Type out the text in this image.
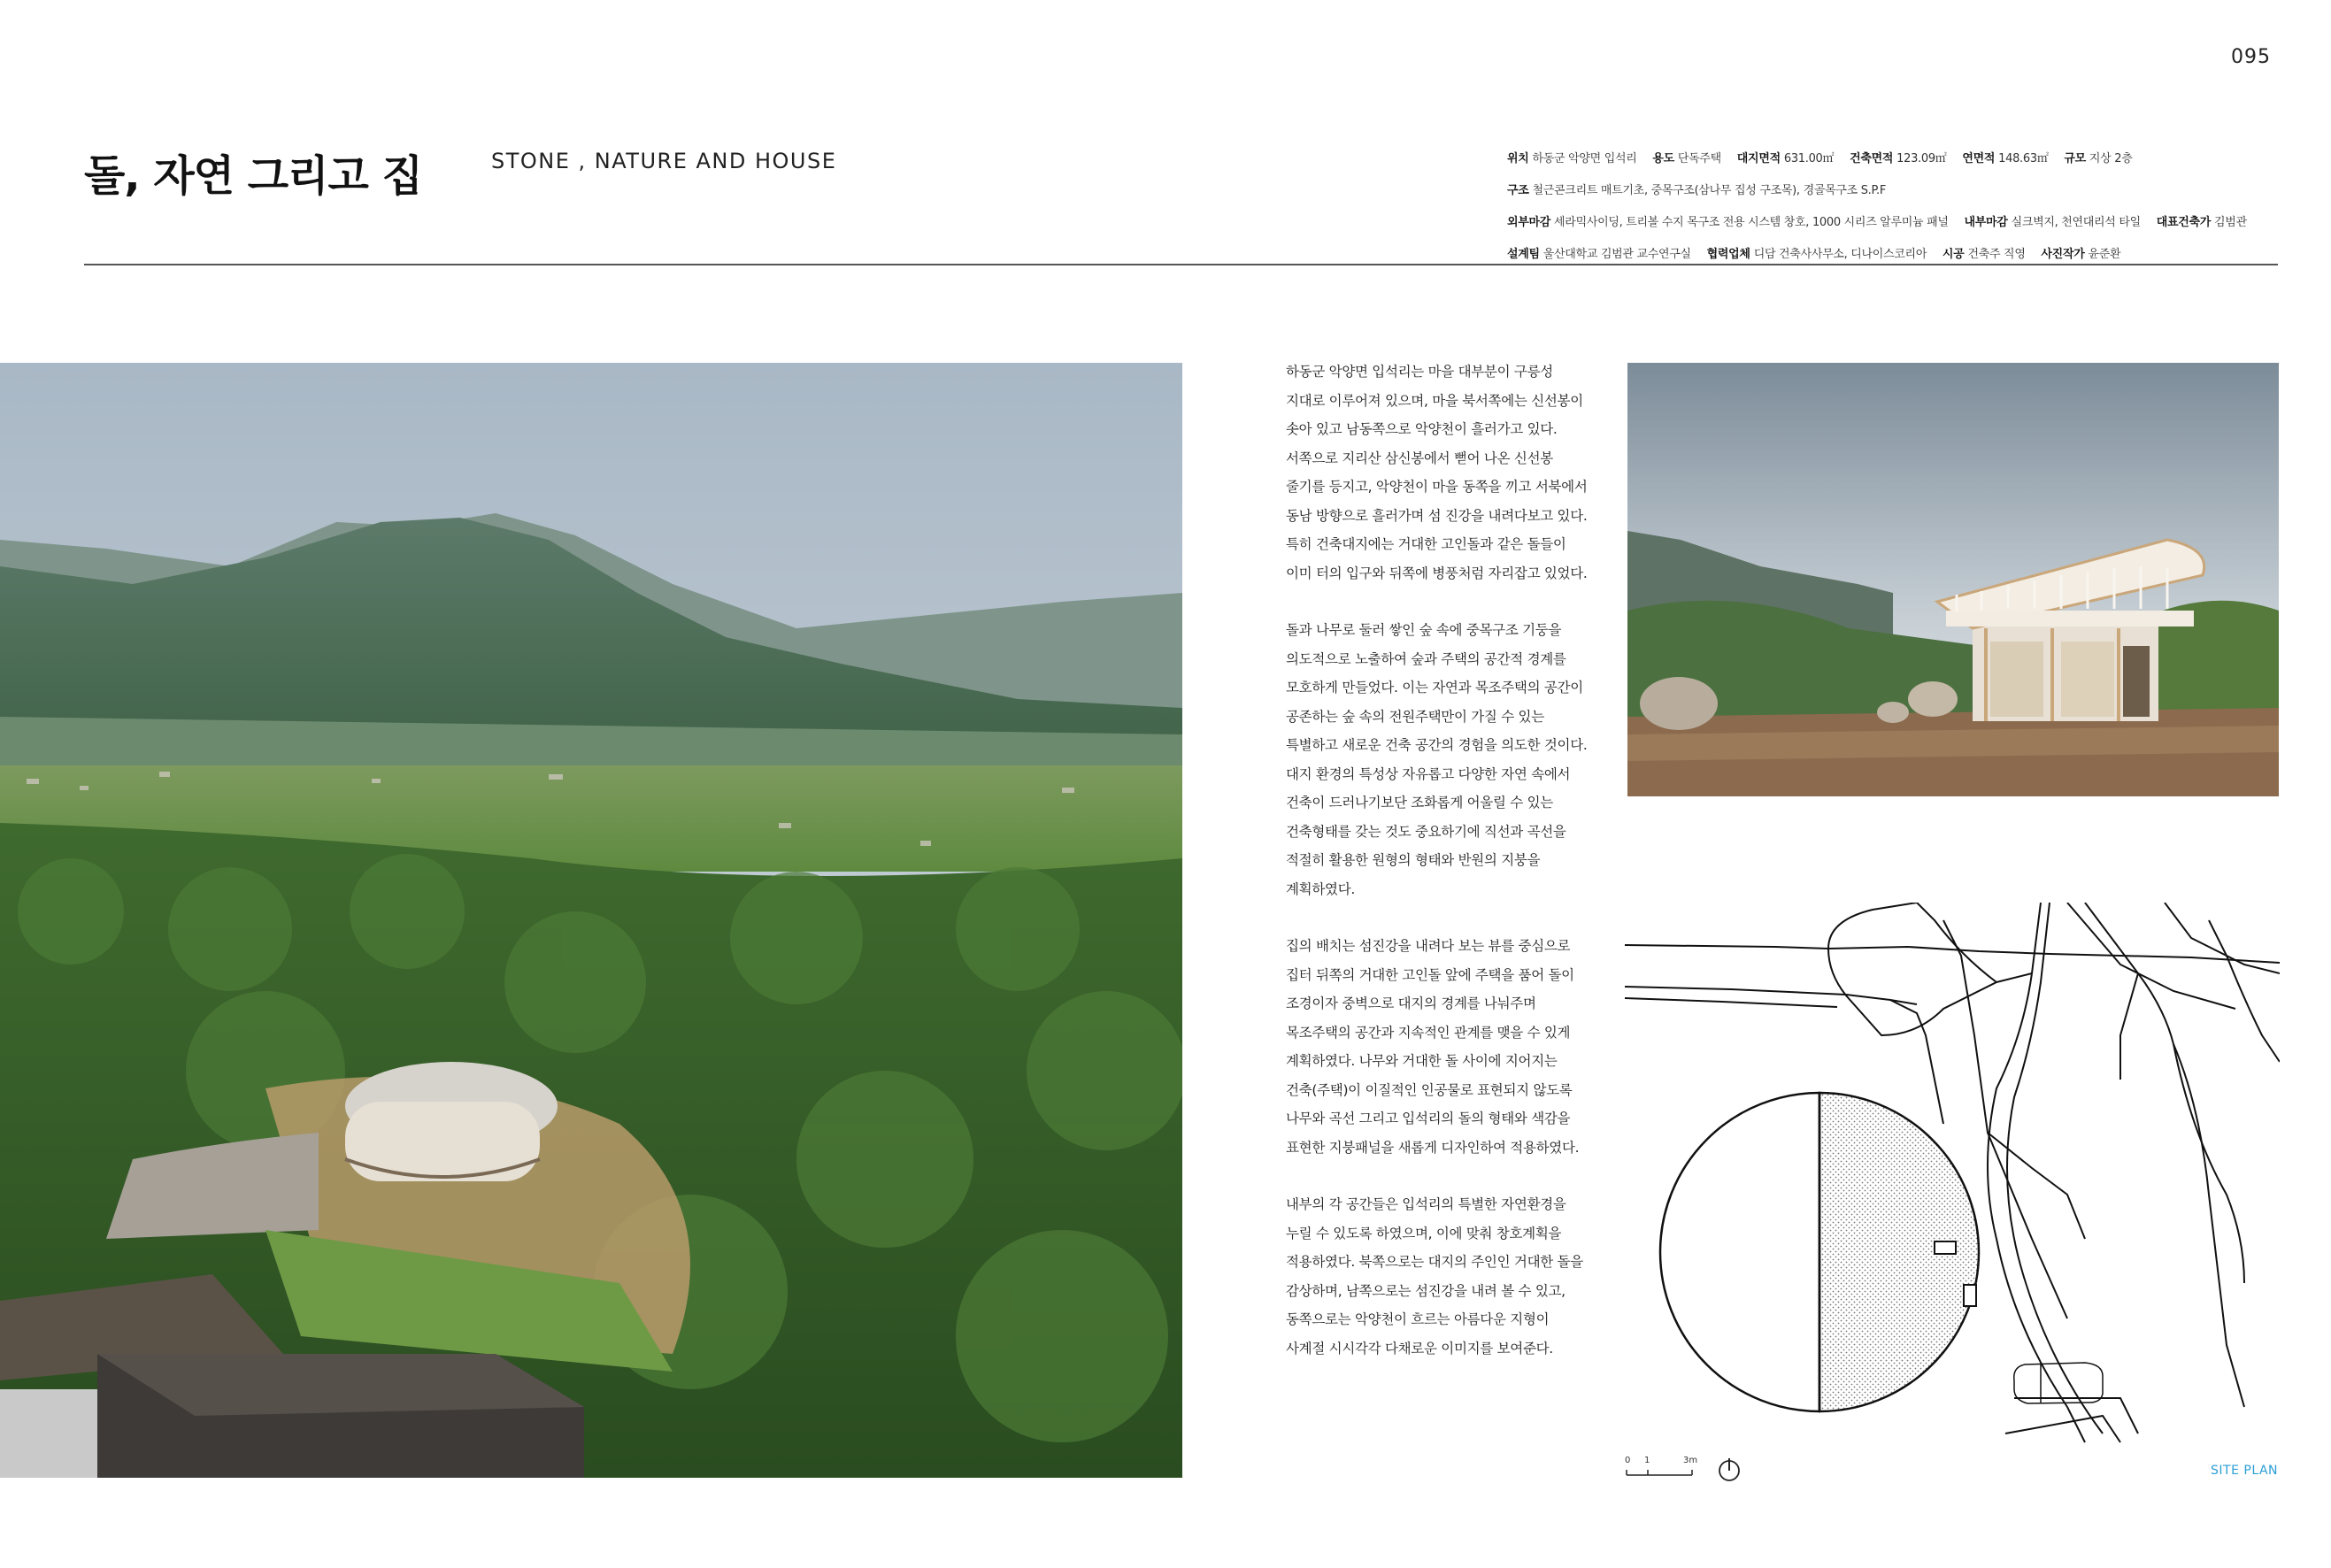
095
돌, 자연 그리고 집	STONE , NATURE AND HOUSE	위치 하동군 악양면 입석리 용도 단독주택 대지면적 631.00㎡ 건축면적 123.09㎡ 연면적 148.63㎡ 규모 지상 2층 구조 철근콘크리트 매트기초, 중목구조(삼나무 집성 구조목), 경골목구조 S.P.F 외부마감 세라믹사이딩, 트리볼 수지 목구조 전용 시스템 창호, 1000 시리즈 알루미늄 패널 내부마감 실크벽지, 천연대리석 타일 대표건축가 김범관 설계팀 울산대학교 김범관 교수연구실 협력업체 디담 건축사사무소, 디나이스코리아 시공 건축주 직영 사진작가 윤준환

하동군 악양면 입석리는 마을 대부분이 구릉성
지대로 이루어져 있으며, 마을 북서쪽에는 신선봉이
솟아 있고 남동쪽으로 악양천이 흘러가고 있다.
서쪽으로 지리산 삼신봉에서 뻗어 나온 신선봉
줄기를 등지고, 악양천이 마을 동쪽을 끼고 서북에서
동남 방향으로 흘러가며 섬 진강을 내려다보고 있다.
특히 건축대지에는 거대한 고인돌과 같은 돌들이
이미 터의 입구와 뒤쪽에 병풍처럼 자리잡고 있었다.

돌과 나무로 둘러 쌓인 숲 속에 중목구조 기둥을
의도적으로 노출하여 숲과 주택의 공간적 경계를
모호하게 만들었다. 이는 자연과 목조주택의 공간이
공존하는 숲 속의 전원주택만이 가질 수 있는
특별하고 새로운 건축 공간의 경험을 의도한 것이다.
대지 환경의 특성상 자유롭고 다양한 자연 속에서
건축이 드러나기보단 조화롭게 어울릴 수 있는
건축형태를 갖는 것도 중요하기에 직선과 곡선을
적절히 활용한 원형의 형태와 반원의 지붕을
계획하였다.

집의 배치는 섬진강을 내려다 보는 뷰를 중심으로
집터 뒤쪽의 거대한 고인돌 앞에 주택을 품어 돌이
조경이자 중벽으로 대지의 경계를 나눠주며
목조주택의 공간과 지속적인 관계를 맺을 수 있게
계획하였다. 나무와 거대한 돌 사이에 지어지는
건축(주택)이 이질적인 인공물로 표현되지 않도록
나무와 곡선 그리고 입석리의 돌의 형태와 색감을
표현한 지붕패널을 새롭게 디자인하여 적용하였다.

내부의 각 공간들은 입석리의 특별한 자연환경을
누릴 수 있도록 하였으며, 이에 맞춰 창호계획을
적용하였다. 북쪽으로는 대지의 주인인 거대한 돌을
감상하며, 남쪽으로는 섬진강을 내려 볼 수 있고,
동쪽으로는 악양천이 흐르는 아름다운 지형이
사계절 시시각각 다채로운 이미지를 보여준다.

0 1	3m
SITE PLAN
